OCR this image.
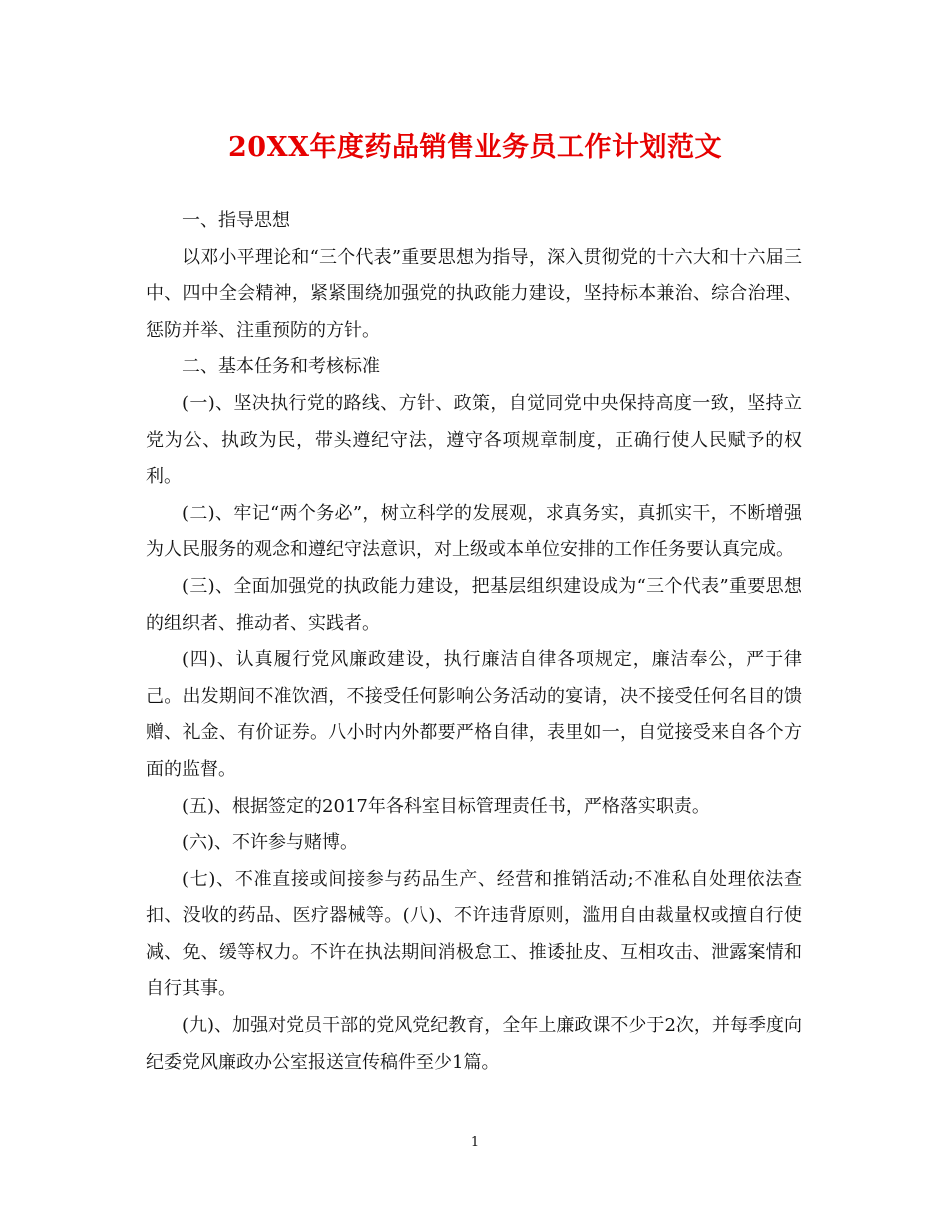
20XX年度药品销售业务员工作计划范文

一、指导思想

以邓小平理论和“三个代表”重要思想为指导，深入贯彻党的十六大和十六届三中、四中全会精神，紧紧围绕加强党的执政能力建设，坚持标本兼治、综合治理、惩防并举、注重预防的方针。

二、基本任务和考核标准

(一)、坚决执行党的路线、方针、政策，自觉同党中央保持高度一致，坚持立党为公、执政为民，带头遵纪守法，遵守各项规章制度，正确行使人民赋予的权利。

(二)、牢记“两个务必”，树立科学的发展观，求真务实，真抓实干，不断增强为人民服务的观念和遵纪守法意识，对上级或本单位安排的工作任务要认真完成。

(三)、全面加强党的执政能力建设，把基层组织建设成为“三个代表”重要思想的组织者、推动者、实践者。

(四)、认真履行党风廉政建设，执行廉洁自律各项规定，廉洁奉公，严于律己。出发期间不准饮酒，不接受任何影响公务活动的宴请，决不接受任何名目的馈赠、礼金、有价证券。八小时内外都要严格自律，表里如一，自觉接受来自各个方面的监督。

(五)、根据签定的2017年各科室目标管理责任书，严格落实职责。

(六)、不许参与赌博。

(七)、不准直接或间接参与药品生产、经营和推销活动;不准私自处理依法查扣、没收的药品、医疗器械等。(八)、不许违背原则，滥用自由裁量权或擅自行使减、免、缓等权力。不许在执法期间消极怠工、推诿扯皮、互相攻击、泄露案情和自行其事。

(九)、加强对党员干部的党风党纪教育，全年上廉政课不少于2次，并每季度向纪委党风廉政办公室报送宣传稿件至少1篇。

1
